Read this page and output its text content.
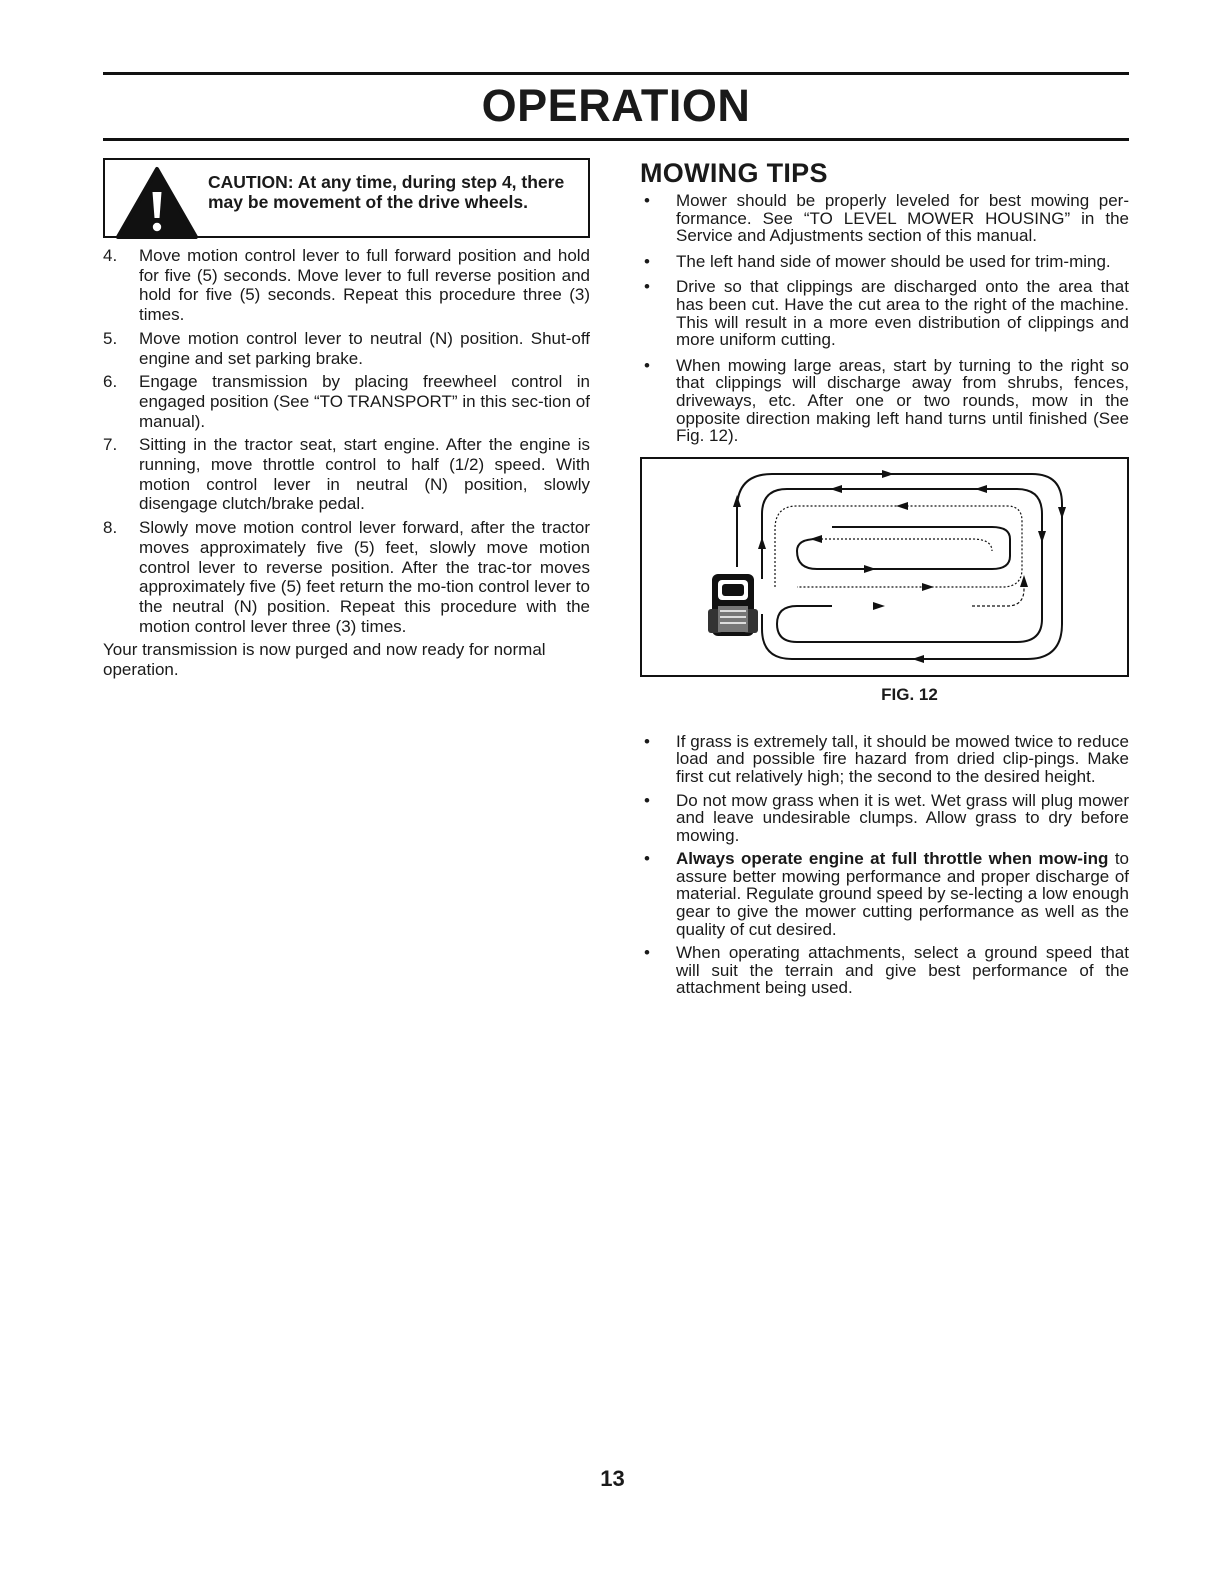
OPERATION

CAUTION: At any time, during step 4, there may be movement of the drive wheels.

4. Move motion control lever to full forward position and hold for five (5) seconds. Move lever to full reverse position and hold for five (5) seconds. Repeat this procedure three (3) times.
5. Move motion control lever to neutral (N) position. Shut-off engine and set parking brake.
6. Engage transmission by placing freewheel control in engaged position (See “TO TRANSPORT” in this sec-tion of manual).
7. Sitting in the tractor seat, start engine. After the engine is running, move throttle control to half (1/2) speed. With motion control lever in neutral (N) position, slowly disengage clutch/brake pedal.
8. Slowly move motion control lever forward, after the tractor moves approximately five (5) feet, slowly move motion control lever to reverse position. After the trac-tor moves approximately five (5) feet return the mo-tion control lever to the neutral (N) position. Repeat this procedure with the motion control lever three (3) times.

Your transmission is now purged and now ready for normal operation.

MOWING TIPS
• Mower should be properly leveled for best mowing per-formance. See “TO LEVEL MOWER HOUSING” in the Service and Adjustments section of this manual.
• The left hand side of mower should be used for trim-ming.
• Drive so that clippings are discharged onto the area that has been cut. Have the cut area to the right of the machine. This will result in a more even distribution of clippings and more uniform cutting.
• When mowing large areas, start by turning to the right so that clippings will discharge away from shrubs, fences, driveways, etc. After one or two rounds, mow in the opposite direction making left hand turns until finished (See Fig. 12).

FIG. 12

• If grass is extremely tall, it should be mowed twice to reduce load and possible fire hazard from dried clip-pings. Make first cut relatively high; the second to the desired height.
• Do not mow grass when it is wet. Wet grass will plug mower and leave undesirable clumps. Allow grass to dry before mowing.
• Always operate engine at full throttle when mow-ing to assure better mowing performance and proper discharge of material. Regulate ground speed by se-lecting a low enough gear to give the mower cutting performance as well as the quality of cut desired.
• When operating attachments, select a ground speed that will suit the terrain and give best performance of the attachment being used.

13
